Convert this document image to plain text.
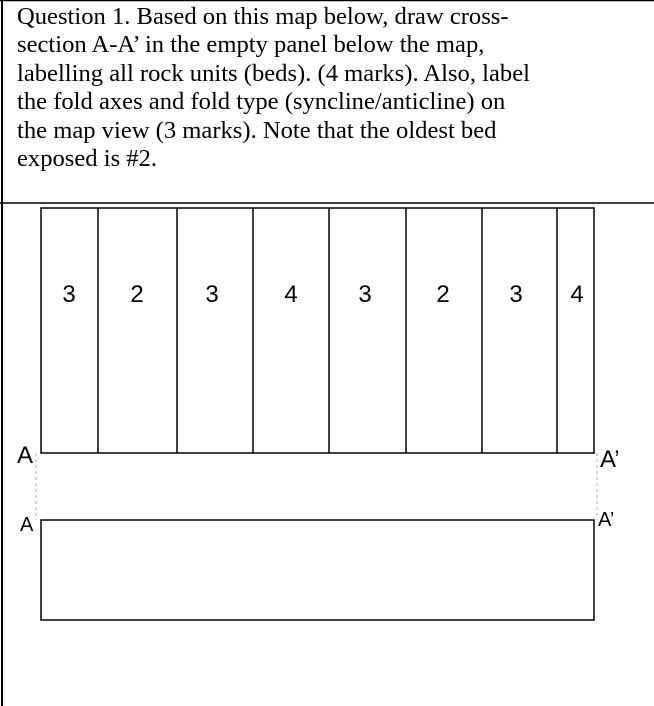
Question 1. Based on this map below, draw cross-
section A-A’ in the empty panel below the map,
labelling all rock units (beds). (4 marks). Also, label
the fold axes and fold type (syncline/anticline) on
the map view (3 marks). Note that the oldest bed
exposed is #2.
3 2	3	4	3	2 3 4
A	A’
A	A’
